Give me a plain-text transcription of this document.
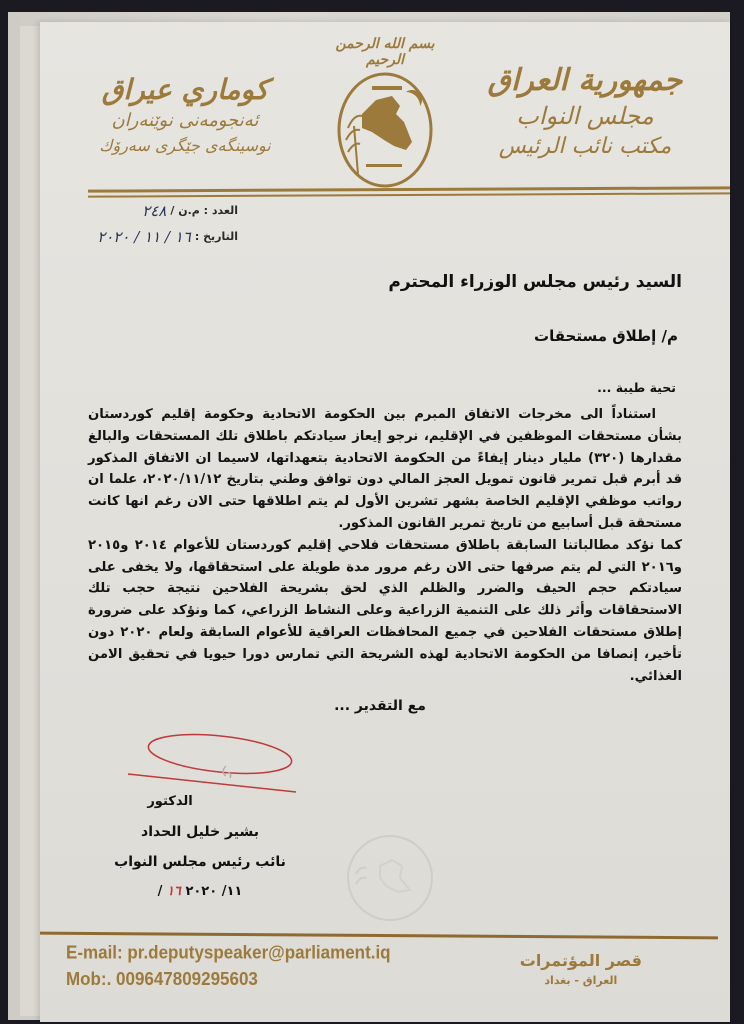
بسم الله الرحمن الرحيم
جمهورية العراق
مجلس النواب
مكتب نائب الرئيس
كوماري عيراق
ئەنجومەنی نوێنەران
نوسینگەی جێگری سەرۆك
العدد : م.ن /
٢٤٨
التاريخ :
١٦ / ١١ / ٢٠٢٠
السيد رئيس مجلس الوزراء المحترم
م/ إطلاق مستحقات
تحية طيبة ...

استناداً الى مخرجات الاتفاق المبرم بين الحكومة الاتحادية وحكومة إقليم كوردستان بشأن مستحقات الموظفين في الإقليم، نرجو إيعاز سيادتكم باطلاق تلك المستحقات والبالغ مقدارها (٣٢٠) مليار دينار إيفاءً من الحكومة الاتحادية بتعهداتها، لاسيما ان الاتفاق المذكور قد أبرم قبل تمرير قانون تمويل العجز المالي دون توافق وطني بتاريخ ٢٠٢٠/١١/١٢، علما ان رواتب موظفي الإقليم الخاصة بشهر تشرين الأول لم يتم اطلاقها حتى الان رغم انها كانت مستحقة قبل أسابيع من تاريخ تمرير القانون المذكور.

كما نؤكد مطالباتنا السابقة باطلاق مستحقات فلاحي إقليم كوردستان للأعوام ٢٠١٤ و٢٠١٥ و٢٠١٦ التي لم يتم صرفها حتى الان رغم مرور مدة طويلة على استحقاقها، ولا يخفى على سيادتكم حجم الحيف والضرر والظلم الذي لحق بشريحة الفلاحين نتيجة حجب تلك الاستحقاقات وأثر ذلك على التنمية الزراعية وعلى النشاط الزراعي، كما ونؤكد على ضرورة إطلاق مستحقات الفلاحين في جميع المحافظات العراقية للأعوام السابقة ولعام ٢٠٢٠ دون تأخير، إنصافا من الحكومة الاتحادية لهذه الشريحة التي تمارس دورا حيويا في تحقيق الامن الغذائي.

مع التقدير ...
الدكتور
بشير خليل الحداد
نائب رئيس مجلس النواب
/ ١١/ ٢٠٢٠ ١٦
E-mail: pr.deputyspeaker@parliament.iq
Mob:. 009647809295603
قصر المؤتمرات
العراق - بغداد
